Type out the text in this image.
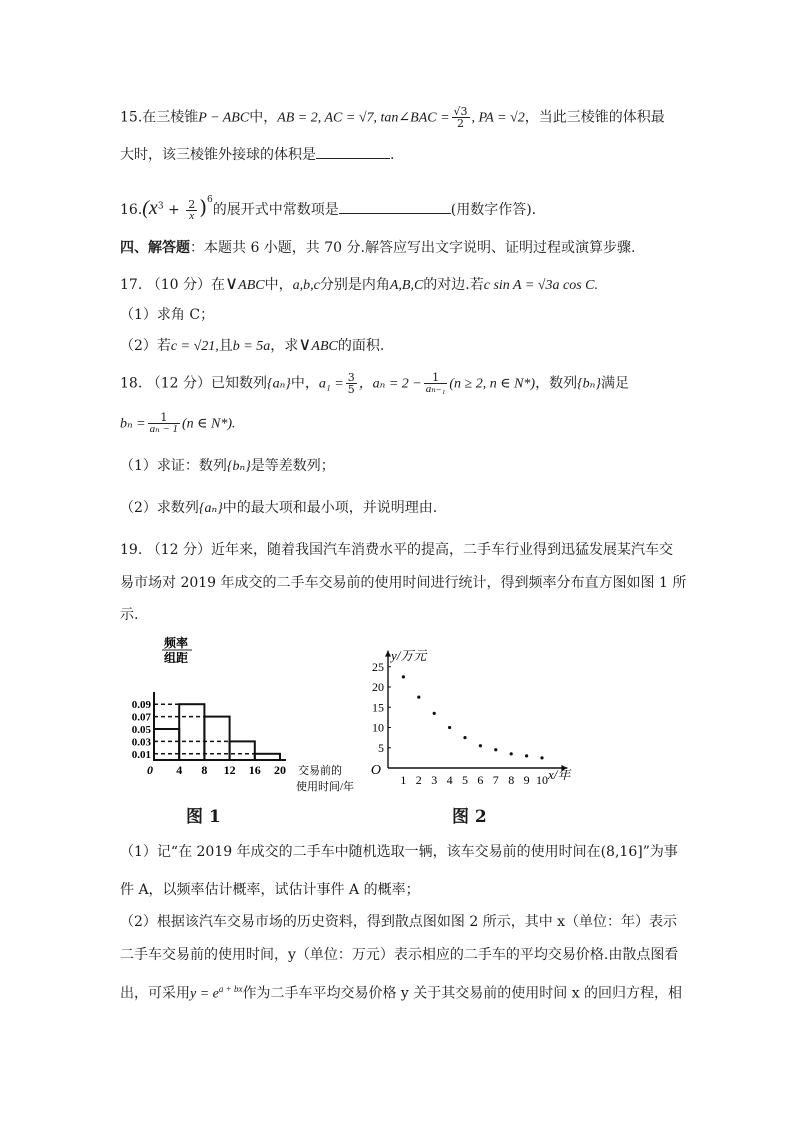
15.在三棱锥P − ABC中，AB = 2, AC = √7, tan∠BAC = $\frac{√3}{2}$ , PA = √2，当此三棱锥的体积最
大时，该三棱锥外接球的体积是	.
$16.(x^3 + \frac{2}{x} )^6$的展开式中常数项是	(用数字作答).
四、解答题：本题共 6 小题，共 70 分.解答应写出文字说明、证明过程或演算步骤.
17. （10 分）在∨ABC中，a,b,c分别是内角A,B,C的对边.若c sin A = √3a cos C.
（1）求角 C；
（2）若c = √21,且b = 5a，求∨ABC的面积.
18. （12 分）已知数列{aₙ}中，$a_1 = \frac{3}{5}$ ，$a_n = 2 - \frac{1}{\text{aₙ₋₁}} (n \ge 2$, n ∈ N*)，数列{bₙ}满足
$b_n = \frac{1}{\text{aₙ − 1}} (n$ ∈ N*).
（1）求证：数列{bₙ}是等差数列；
（2）求数列{aₙ}中的最大项和最小项，并说明理由.
19. （12 分）近年来，随着我国汽车消费水平的提高，二手车行业得到迅猛发展某汽车交
易市场对 2019 年成交的二手车交易前的使用时间进行统计，得到频率分布直方图如图 1 所
示.
0.01
0.03
0.05
0.07
0.09
0 4 8 12 16 20
频率
组距
交易前的
使用时间/年
图 1
5
10
15
20
25
1 2 3 4 5 6 7 8 9 10
O
y/万元
x/年
图 2
（1）记“在 2019 年成交的二手车中随机选取一辆，该车交易前的使用时间在(8,16]”为事
件 A，以频率估计概率，试估计事件 A 的概率；
（2）根据该汽车交易市场的历史资料，得到散点图如图 2 所示，其中 x（单位：年）表示
二手车交易前的使用时间，y（单位：万元）表示相应的二手车的平均交易价格.由散点图看
出，可采用$y = e^{a + bx}$作为二手车平均交易价格 y 关于其交易前的使用时间 x 的回归方程，相
